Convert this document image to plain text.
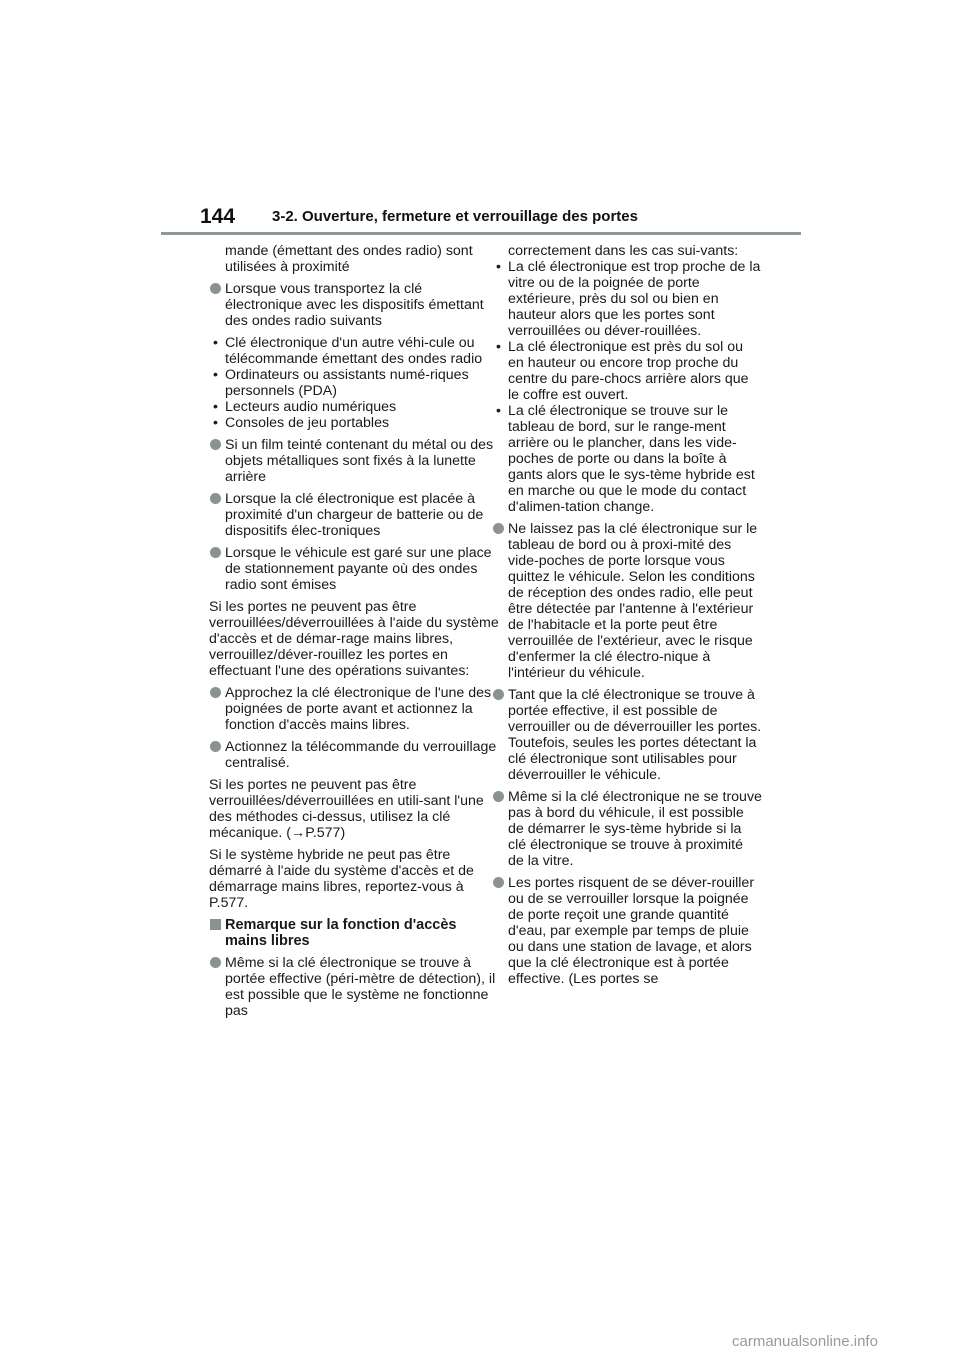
144 3-2. Ouverture, fermeture et verrouillage des portes
mande (émettant des ondes radio) sont utilisées à proximité
Lorsque vous transportez la clé électronique avec les dispositifs émettant des ondes radio suivants
• Clé électronique d'un autre véhi-cule ou télécommande émettant des ondes radio
• Ordinateurs ou assistants numé-riques personnels (PDA)
• Lecteurs audio numériques
• Consoles de jeu portables
Si un film teinté contenant du métal ou des objets métalliques sont fixés à la lunette arrière
Lorsque la clé électronique est placée à proximité d'un chargeur de batterie ou de dispositifs élec-troniques
Lorsque le véhicule est garé sur une place de stationnement payante où des ondes radio sont émises
Si les portes ne peuvent pas être verrouillées/déverrouillées à l'aide du système d'accès et de démar-rage mains libres, verrouillez/déver-rouillez les portes en effectuant l'une des opérations suivantes:
Approchez la clé électronique de l'une des poignées de porte avant et actionnez la fonction d'accès mains libres.
Actionnez la télécommande du verrouillage centralisé.
Si les portes ne peuvent pas être verrouillées/déverrouillées en utili-sant l'une des méthodes ci-dessus, utilisez la clé mécanique. (→P.577)
Si le système hybride ne peut pas être démarré à l'aide du système d'accès et de démarrage mains libres, reportez-vous à P.577.
Remarque sur la fonction d'accès mains libres
Même si la clé électronique se trouve à portée effective (péri-mètre de détection), il est possible que le système ne fonctionne pas
correctement dans les cas sui-vants:
• La clé électronique est trop proche de la vitre ou de la poignée de porte extérieure, près du sol ou bien en hauteur alors que les portes sont verrouillées ou déver-rouillées.
• La clé électronique est près du sol ou en hauteur ou encore trop proche du centre du pare-chocs arrière alors que le coffre est ouvert.
• La clé électronique se trouve sur le tableau de bord, sur le range-ment arrière ou le plancher, dans les vide-poches de porte ou dans la boîte à gants alors que le sys-tème hybride est en marche ou que le mode du contact d'alimen-tation change.
Ne laissez pas la clé électronique sur le tableau de bord ou à proxi-mité des vide-poches de porte lorsque vous quittez le véhicule. Selon les conditions de réception des ondes radio, elle peut être détectée par l'antenne à l'extérieur de l'habitacle et la porte peut être verrouillée de l'extérieur, avec le risque d'enfermer la clé électro-nique à l'intérieur du véhicule.
Tant que la clé électronique se trouve à portée effective, il est possible de verrouiller ou de déverrouiller les portes. Toutefois, seules les portes détectant la clé électronique sont utilisables pour déverrouiller le véhicule.
Même si la clé électronique ne se trouve pas à bord du véhicule, il est possible de démarrer le sys-tème hybride si la clé électronique se trouve à proximité de la vitre.
Les portes risquent de se déver-rouiller ou de se verrouiller lorsque la poignée de porte reçoit une grande quantité d'eau, par exemple par temps de pluie ou dans une station de lavage, et alors que la clé électronique est à portée effective. (Les portes se
carmanualsonline.info
